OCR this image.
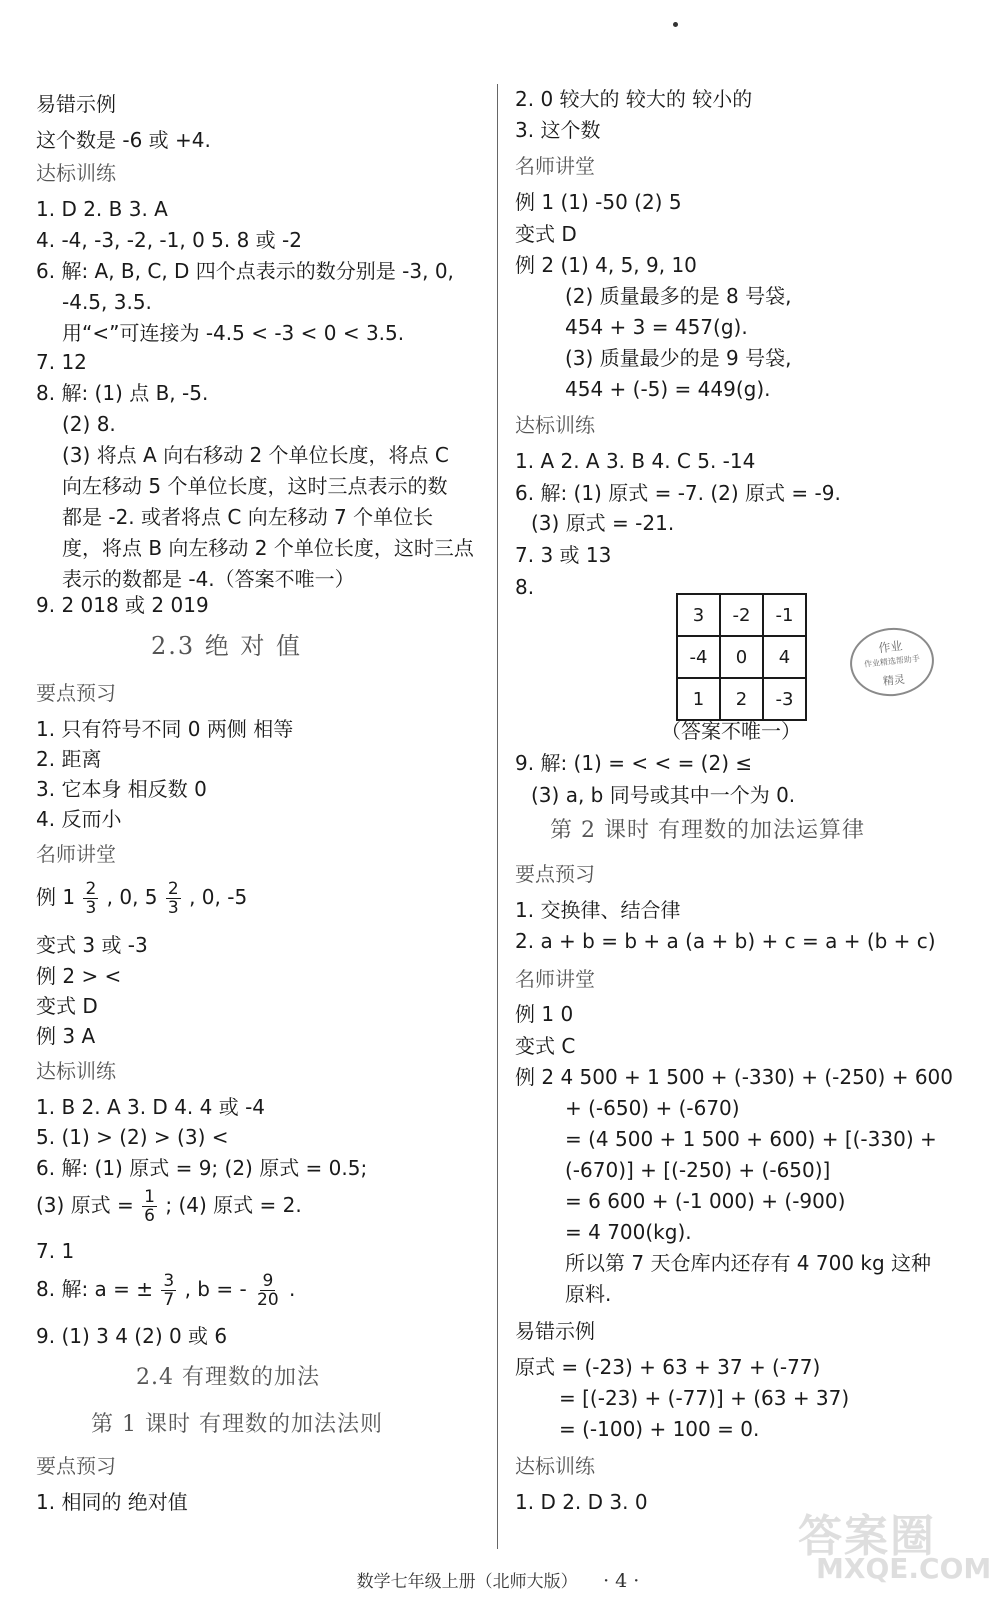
易错示例
这个数是 -6 或 +4.
达标训练
1. D 2. B 3. A
4. -4, -3, -2, -1, 0 5. 8 或 -2
6. 解: A, B, C, D 四个点表示的数分别是 -3, 0,
-4.5, 3.5.
用“<”可连接为 -4.5 < -3 < 0 < 3.5.
7. 12
8. 解: (1) 点 B, -5.
(2) 8.
(3) 将点 A 向右移动 2 个单位长度，将点 C
向左移动 5 个单位长度，这时三点表示的数
都是 -2. 或者将点 C 向左移动 7 个单位长
度，将点 B 向左移动 2 个单位长度，这时三点
表示的数都是 -4.（答案不唯一）
9. 2 018 或 2 019
2.3 绝 对 值
要点预习
1. 只有符号不同 0 两侧 相等
2. 距离
3. 它本身 相反数 0
4. 反而小
名师讲堂
例 $1 \frac{2}{3}$ , 0, $5 \frac{2}{3}$ , 0, -5
变式 3 或 -3
例 2 > <
变式 D
例 3 A
达标训练
1. B 2. A 3. D 4. 4 或 -4
5. (1) > (2) > (3) <
6. 解: (1) 原式 = 9; (2) 原式 = 0.5;
(3) 原式 = $\frac{1}{6}$ ; (4) 原式 = 2.
7. 1
8. 解: a = ± $\frac{3}{7}$ , b = - $\frac{9}{20}$ .
9. (1) 3 4 (2) 0 或 6
2.4 有理数的加法
第 1 课时 有理数的加法法则
要点预习
1. 相同的 绝对值
2. 0 较大的 较大的 较小的
3. 这个数
名师讲堂
例 1 (1) -50 (2) 5
变式 D
例 2 (1) 4, 5, 9, 10
(2) 质量最多的是 8 号袋,
454 + 3 = 457(g).
(3) 质量最少的是 9 号袋,
454 + (-5) = 449(g).
达标训练
1. A 2. A 3. B 4. C 5. -14
6. 解: (1) 原式 = -7. (2) 原式 = -9.
(3) 原式 = -21.
7. 3 或 13
8.
（答案不唯一）
9. 解: (1) = < < = (2) ≤
(3) a, b 同号或其中一个为 0.
第 2 课时 有理数的加法运算律
要点预习
1. 交换律、结合律
2. a + b = b + a (a + b) + c = a + (b + c)
名师讲堂
例 1 0
变式 C
例 2 4 500 + 1 500 + (-330) + (-250) + 600
+ (-650) + (-670)
= (4 500 + 1 500 + 600) + [(-330) +
(-670)] + [(-250) + (-650)]
= 6 600 + (-1 000) + (-900)
= 4 700(kg).
所以第 7 天仓库内还存有 4 700 kg 这种
原料.
易错示例
原式 = (-23) + 63 + 37 + (-77)
= [(-23) + (-77)] + (63 + 37)
= (-100) + 100 = 0.
达标训练
1. D 2. D 3. 0
3	-2	-1
-4	0	4
1	2	-3
作业
作业精选帮助手
精灵
答案圈
MXQE.COM
数学七年级上册（北师大版） · 4 ·
